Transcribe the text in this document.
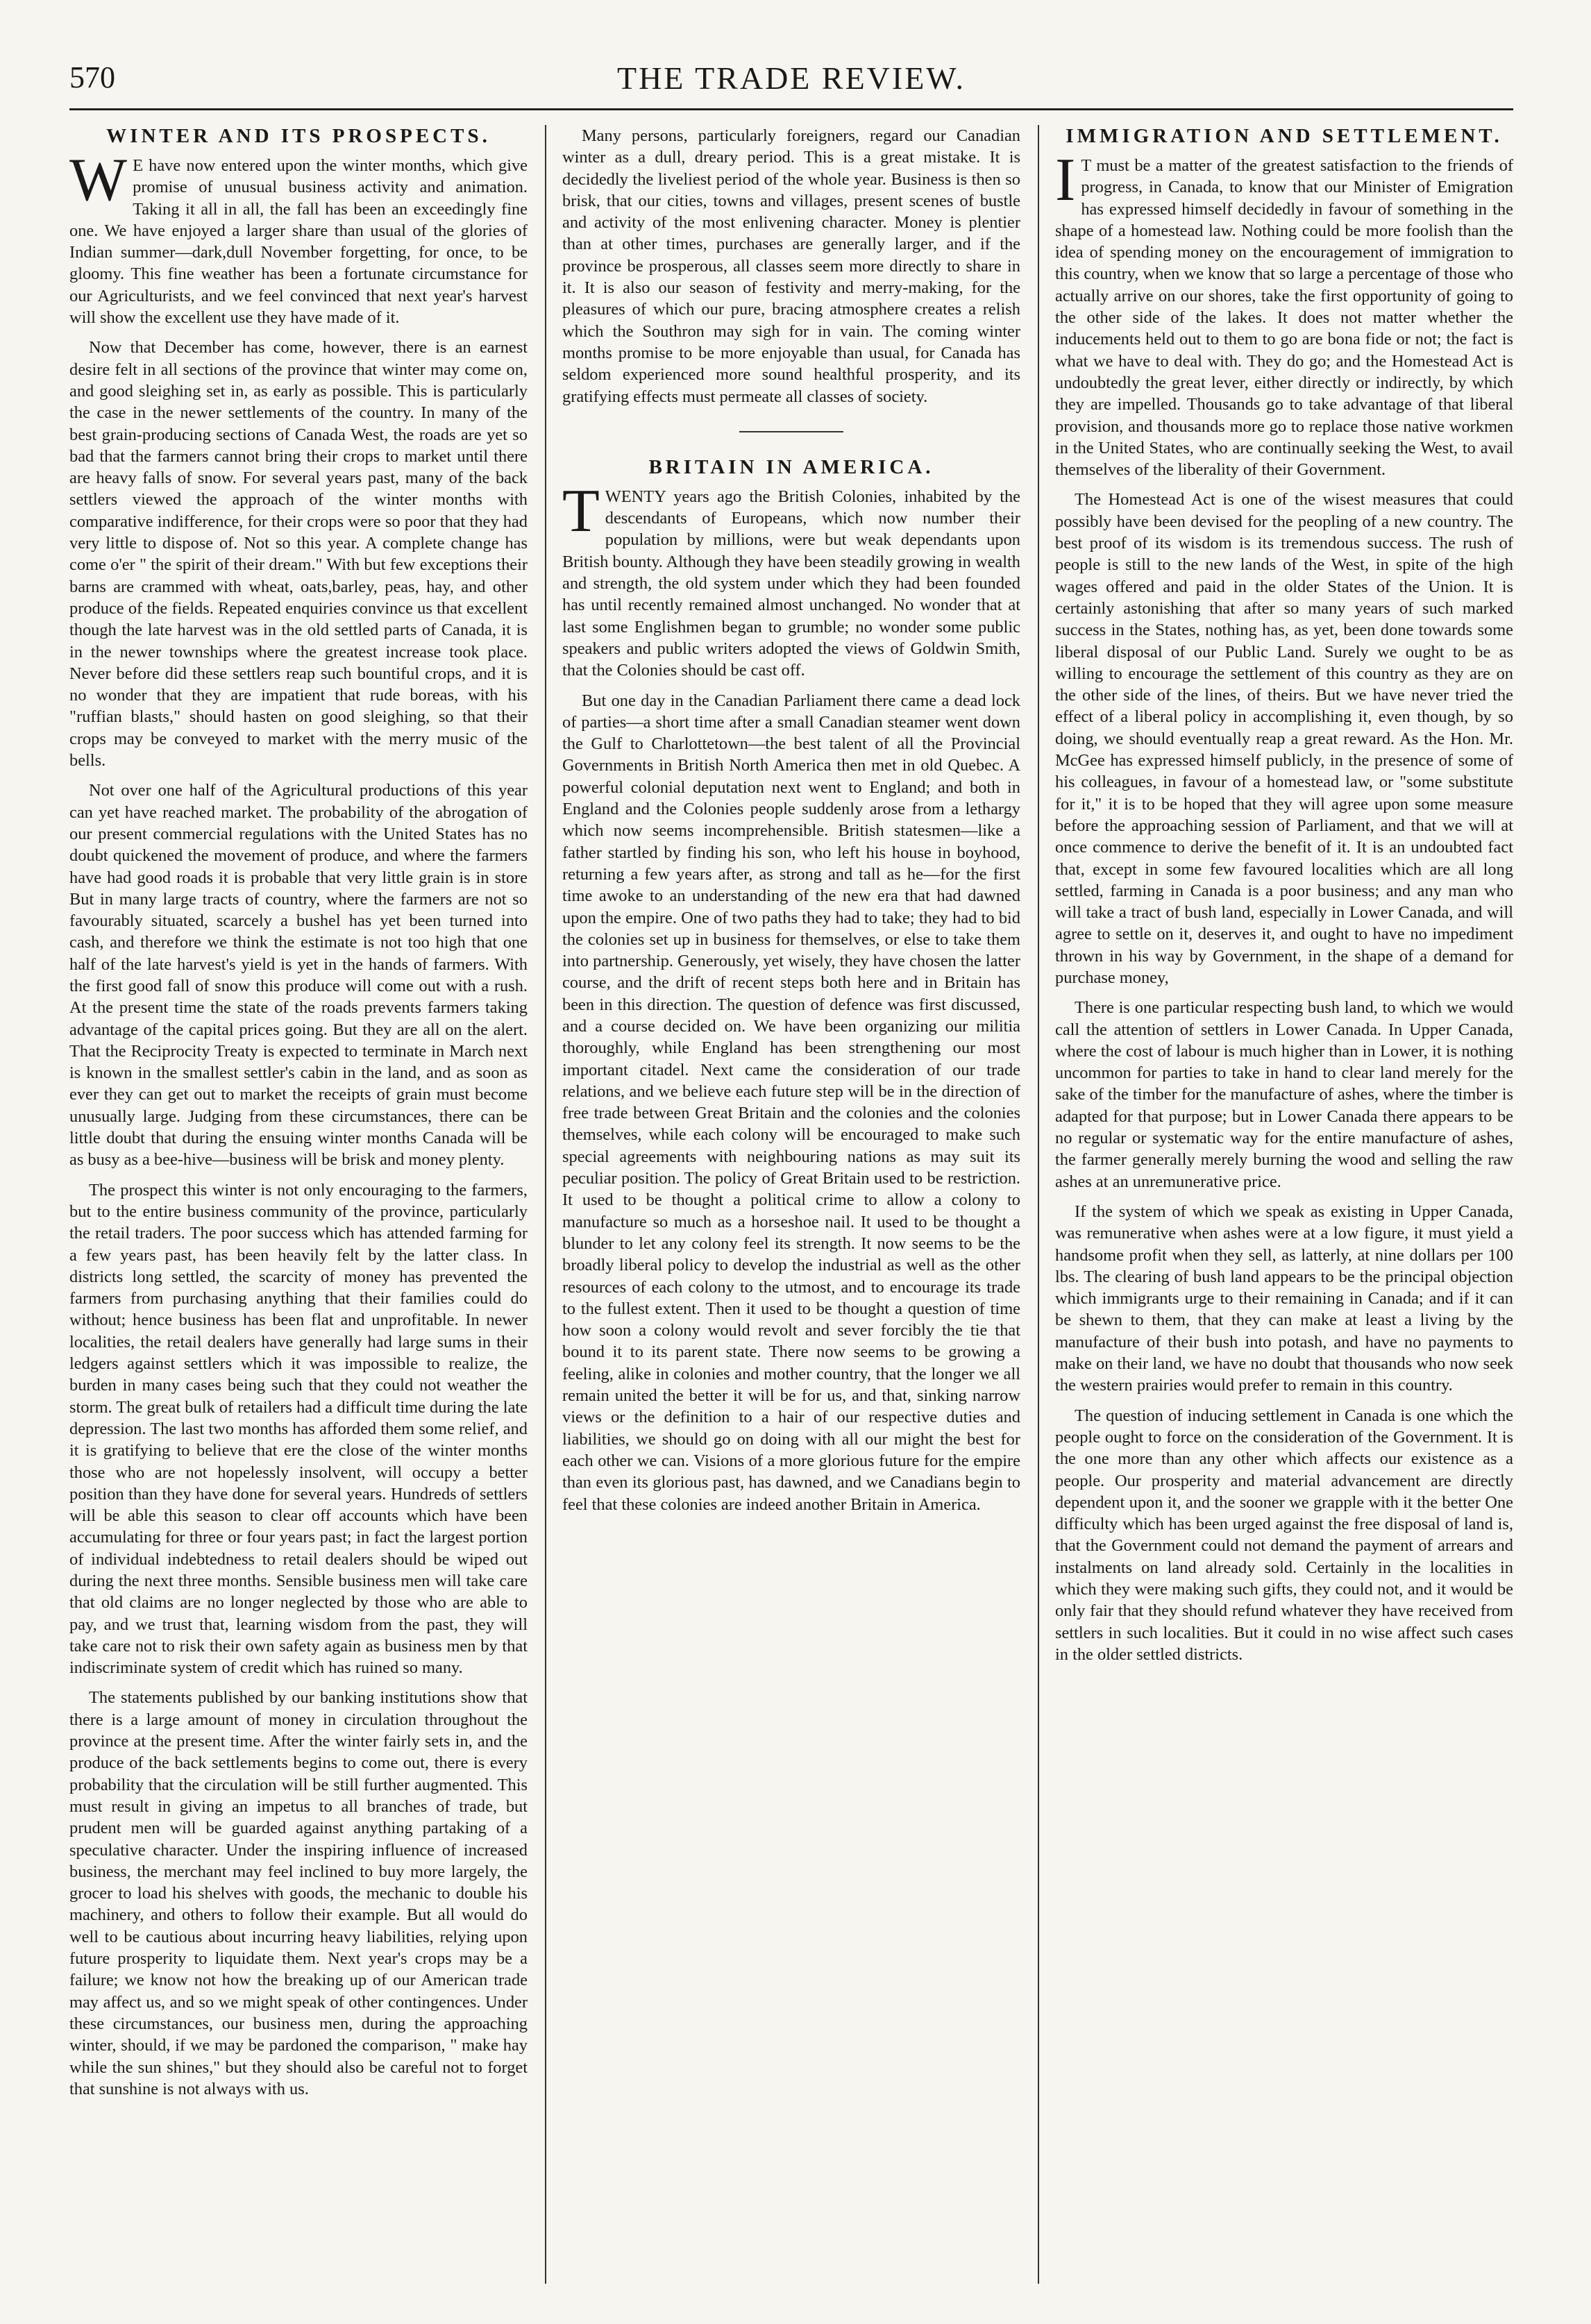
570	THE TRADE REVIEW.
WINTER AND ITS PROSPECTS.

W E have now entered upon the winter months, which give promise of unusual business activity and animation. Taking it all in all, the fall has been an exceedingly fine one. We have enjoyed a larger share than usual of the glories of Indian summer—dark,dull November forgetting, for once, to be gloomy. This fine weather has been a fortunate circumstance for our Agriculturists, and we feel convinced that next year's harvest will show the excellent use they have made of it.

Now that December has come, however, there is an earnest desire felt in all sections of the province that winter may come on, and good sleighing set in, as early as possible. This is particularly the case in the newer settlements of the country. In many of the best grain-producing sections of Canada West, the roads are yet so bad that the farmers cannot bring their crops to market until there are heavy falls of snow. For several years past, many of the back settlers viewed the approach of the winter months with comparative indifference, for their crops were so poor that they had very little to dispose of. Not so this year. A complete change has come o'er " the spirit of their dream." With but few exceptions their barns are crammed with wheat, oats,barley, peas, hay, and other produce of the fields. Repeated enquiries convince us that excellent though the late harvest was in the old settled parts of Canada, it is in the newer townships where the greatest increase took place. Never before did these settlers reap such bountiful crops, and it is no wonder that they are impatient that rude boreas, with his "ruffian blasts," should hasten on good sleighing, so that their crops may be conveyed to market with the merry music of the bells.

Not over one half of the Agricultural productions of this year can yet have reached market. The probability of the abrogation of our present commercial regulations with the United States has no doubt quickened the movement of produce, and where the farmers have had good roads it is probable that very little grain is in store But in many large tracts of country, where the farmers are not so favourably situated, scarcely a bushel has yet been turned into cash, and therefore we think the estimate is not too high that one half of the late harvest's yield is yet in the hands of farmers. With the first good fall of snow this produce will come out with a rush. At the present time the state of the roads prevents farmers taking advantage of the capital prices going. But they are all on the alert. That the Reciprocity Treaty is expected to terminate in March next is known in the smallest settler's cabin in the land, and as soon as ever they can get out to market the receipts of grain must become unusually large. Judging from these circumstances, there can be little doubt that during the ensuing winter months Canada will be as busy as a bee-hive—business will be brisk and money plenty.

The prospect this winter is not only encouraging to the farmers, but to the entire business community of the province, particularly the retail traders. The poor success which has attended farming for a few years past, has been heavily felt by the latter class. In districts long settled, the scarcity of money has prevented the farmers from purchasing anything that their families could do without; hence business has been flat and unprofitable. In newer localities, the retail dealers have generally had large sums in their ledgers against settlers which it was impossible to realize, the burden in many cases being such that they could not weather the storm. The great bulk of retailers had a difficult time during the late depression. The last two months has afforded them some relief, and it is gratifying to believe that ere the close of the winter months those who are not hopelessly insolvent, will occupy a better position than they have done for several years. Hundreds of settlers will be able this season to clear off accounts which have been accumulating for three or four years past; in fact the largest portion of individual indebtedness to retail dealers should be wiped out during the next three months. Sensible business men will take care that old claims are no longer neglected by those who are able to pay, and we trust that, learning wisdom from the past, they will take care not to risk their own safety again as business men by that indiscriminate system of credit which has ruined so many.

The statements published by our banking institutions show that there is a large amount of money in circulation throughout the province at the present time. After the winter fairly sets in, and the produce of the back settlements begins to come out, there is every probability that the circulation will be still further augmented. This must result in giving an impetus to all branches of trade, but prudent men will be guarded against anything partaking of a speculative character. Under the inspiring influence of increased business, the merchant may feel inclined to buy more largely, the grocer to load his shelves with goods, the mechanic to double his machinery, and others to follow their example. But all would do well to be cautious about incurring heavy liabilities, relying upon future prosperity to liquidate them. Next year's crops may be a failure; we know not how the breaking up of our American trade may affect us, and so we might speak of other contingences. Under these circumstances, our business men, during the approaching winter, should, if we may be pardoned the comparison, " make hay while the sun shines," but they should also be careful not to forget that sunshine is not always with us.

Many persons, particularly foreigners, regard our Canadian winter as a dull, dreary period. This is a great mistake. It is decidedly the liveliest period of the whole year. Business is then so brisk, that our cities, towns and villages, present scenes of bustle and activity of the most enlivening character. Money is plentier than at other times, purchases are generally larger, and if the province be prosperous, all classes seem more directly to share in it. It is also our season of festivity and merry-making, for the pleasures of which our pure, bracing atmosphere creates a relish which the Southron may sigh for in vain. The coming winter months promise to be more enjoyable than usual, for Canada has seldom experienced more sound healthful prosperity, and its gratifying effects must permeate all classes of society.

BRITAIN IN AMERICA.

TWENTY years ago the British Colonies, inhabited by the descendants of Europeans, which now number their population by millions, were but weak dependants upon British bounty. Although they have been steadily growing in wealth and strength, the old system under which they had been founded has until recently remained almost unchanged. No wonder that at last some Englishmen began to grumble; no wonder some public speakers and public writers adopted the views of Goldwin Smith, that the Colonies should be cast off.

But one day in the Canadian Parliament there came a dead lock of parties—a short time after a small Canadian steamer went down the Gulf to Charlottetown—the best talent of all the Provincial Governments in British North America then met in old Quebec. A powerful colonial deputation next went to England; and both in England and the Colonies people suddenly arose from a lethargy which now seems incomprehensible. British statesmen—like a father startled by finding his son, who left his house in boyhood, returning a few years after, as strong and tall as he—for the first time awoke to an understanding of the new era that had dawned upon the empire. One of two paths they had to take; they had to bid the colonies set up in business for themselves, or else to take them into partnership. Generously, yet wisely, they have chosen the latter course, and the drift of recent steps both here and in Britain has been in this direction. The question of defence was first discussed, and a course decided on. We have been organizing our militia thoroughly, while England has been strengthening our most important citadel. Next came the consideration of our trade relations, and we believe each future step will be in the direction of free trade between Great Britain and the colonies and the colonies themselves, while each colony will be encouraged to make such special agreements with neighbouring nations as may suit its peculiar position. The policy of Great Britain used to be restriction. It used to be thought a political crime to allow a colony to manufacture so much as a horseshoe nail. It used to be thought a blunder to let any colony feel its strength. It now seems to be the broadly liberal policy to develop the industrial as well as the other resources of each colony to the utmost, and to encourage its trade to the fullest extent. Then it used to be thought a question of time how soon a colony would revolt and sever forcibly the tie that bound it to its parent state. There now seems to be growing a feeling, alike in colonies and mother country, that the longer we all remain united the better it will be for us, and that, sinking narrow views or the definition to a hair of our respective duties and liabilities, we should go on doing with all our might the best for each other we can. Visions of a more glorious future for the empire than even its glorious past, has dawned, and we Canadians begin to feel that these colonies are indeed another Britain in America.

IMMIGRATION AND SETTLEMENT.

I T must be a matter of the greatest satisfaction to the friends of progress, in Canada, to know that our Minister of Emigration has expressed himself decidedly in favour of something in the shape of a homestead law. Nothing could be more foolish than the idea of spending money on the encouragement of immigration to this country, when we know that so large a percentage of those who actually arrive on our shores, take the first opportunity of going to the other side of the lakes. It does not matter whether the inducements held out to them to go are bona fide or not; the fact is what we have to deal with. They do go; and the Homestead Act is undoubtedly the great lever, either directly or indirectly, by which they are impelled. Thousands go to take advantage of that liberal provision, and thousands more go to replace those native workmen in the United States, who are continually seeking the West, to avail themselves of the liberality of their Government.

The Homestead Act is one of the wisest measures that could possibly have been devised for the peopling of a new country. The best proof of its wisdom is its tremendous success. The rush of people is still to the new lands of the West, in spite of the high wages offered and paid in the older States of the Union. It is certainly astonishing that after so many years of such marked success in the States, nothing has, as yet, been done towards some liberal disposal of our Public Land. Surely we ought to be as willing to encourage the settlement of this country as they are on the other side of the lines, of theirs. But we have never tried the effect of a liberal policy in accomplishing it, even though, by so doing, we should eventually reap a great reward. As the Hon. Mr. McGee has expressed himself publicly, in the presence of some of his colleagues, in favour of a homestead law, or "some substitute for it," it is to be hoped that they will agree upon some measure before the approaching session of Parliament, and that we will at once commence to derive the benefit of it. It is an undoubted fact that, except in some few favoured localities which are all long settled, farming in Canada is a poor business; and any man who will take a tract of bush land, especially in Lower Canada, and will agree to settle on it, deserves it, and ought to have no impediment thrown in his way by Government, in the shape of a demand for purchase money,

There is one particular respecting bush land, to which we would call the attention of settlers in Lower Canada. In Upper Canada, where the cost of labour is much higher than in Lower, it is nothing uncommon for parties to take in hand to clear land merely for the sake of the timber for the manufacture of ashes, where the timber is adapted for that purpose; but in Lower Canada there appears to be no regular or systematic way for the entire manufacture of ashes, the farmer generally merely burning the wood and selling the raw ashes at an unremunerative price.

If the system of which we speak as existing in Upper Canada, was remunerative when ashes were at a low figure, it must yield a handsome profit when they sell, as latterly, at nine dollars per 100 lbs. The clearing of bush land appears to be the principal objection which immigrants urge to their remaining in Canada; and if it can be shewn to them, that they can make at least a living by the manufacture of their bush into potash, and have no payments to make on their land, we have no doubt that thousands who now seek the western prairies would prefer to remain in this country.

The question of inducing settlement in Canada is one which the people ought to force on the consideration of the Government. It is the one more than any other which affects our existence as a people. Our prosperity and material advancement are directly dependent upon it, and the sooner we grapple with it the better One difficulty which has been urged against the free disposal of land is, that the Government could not demand the payment of arrears and instalments on land already sold. Certainly in the localities in which they were making such gifts, they could not, and it would be only fair that they should refund whatever they have received from settlers in such localities. But it could in no wise affect such cases in the older settled districts.
